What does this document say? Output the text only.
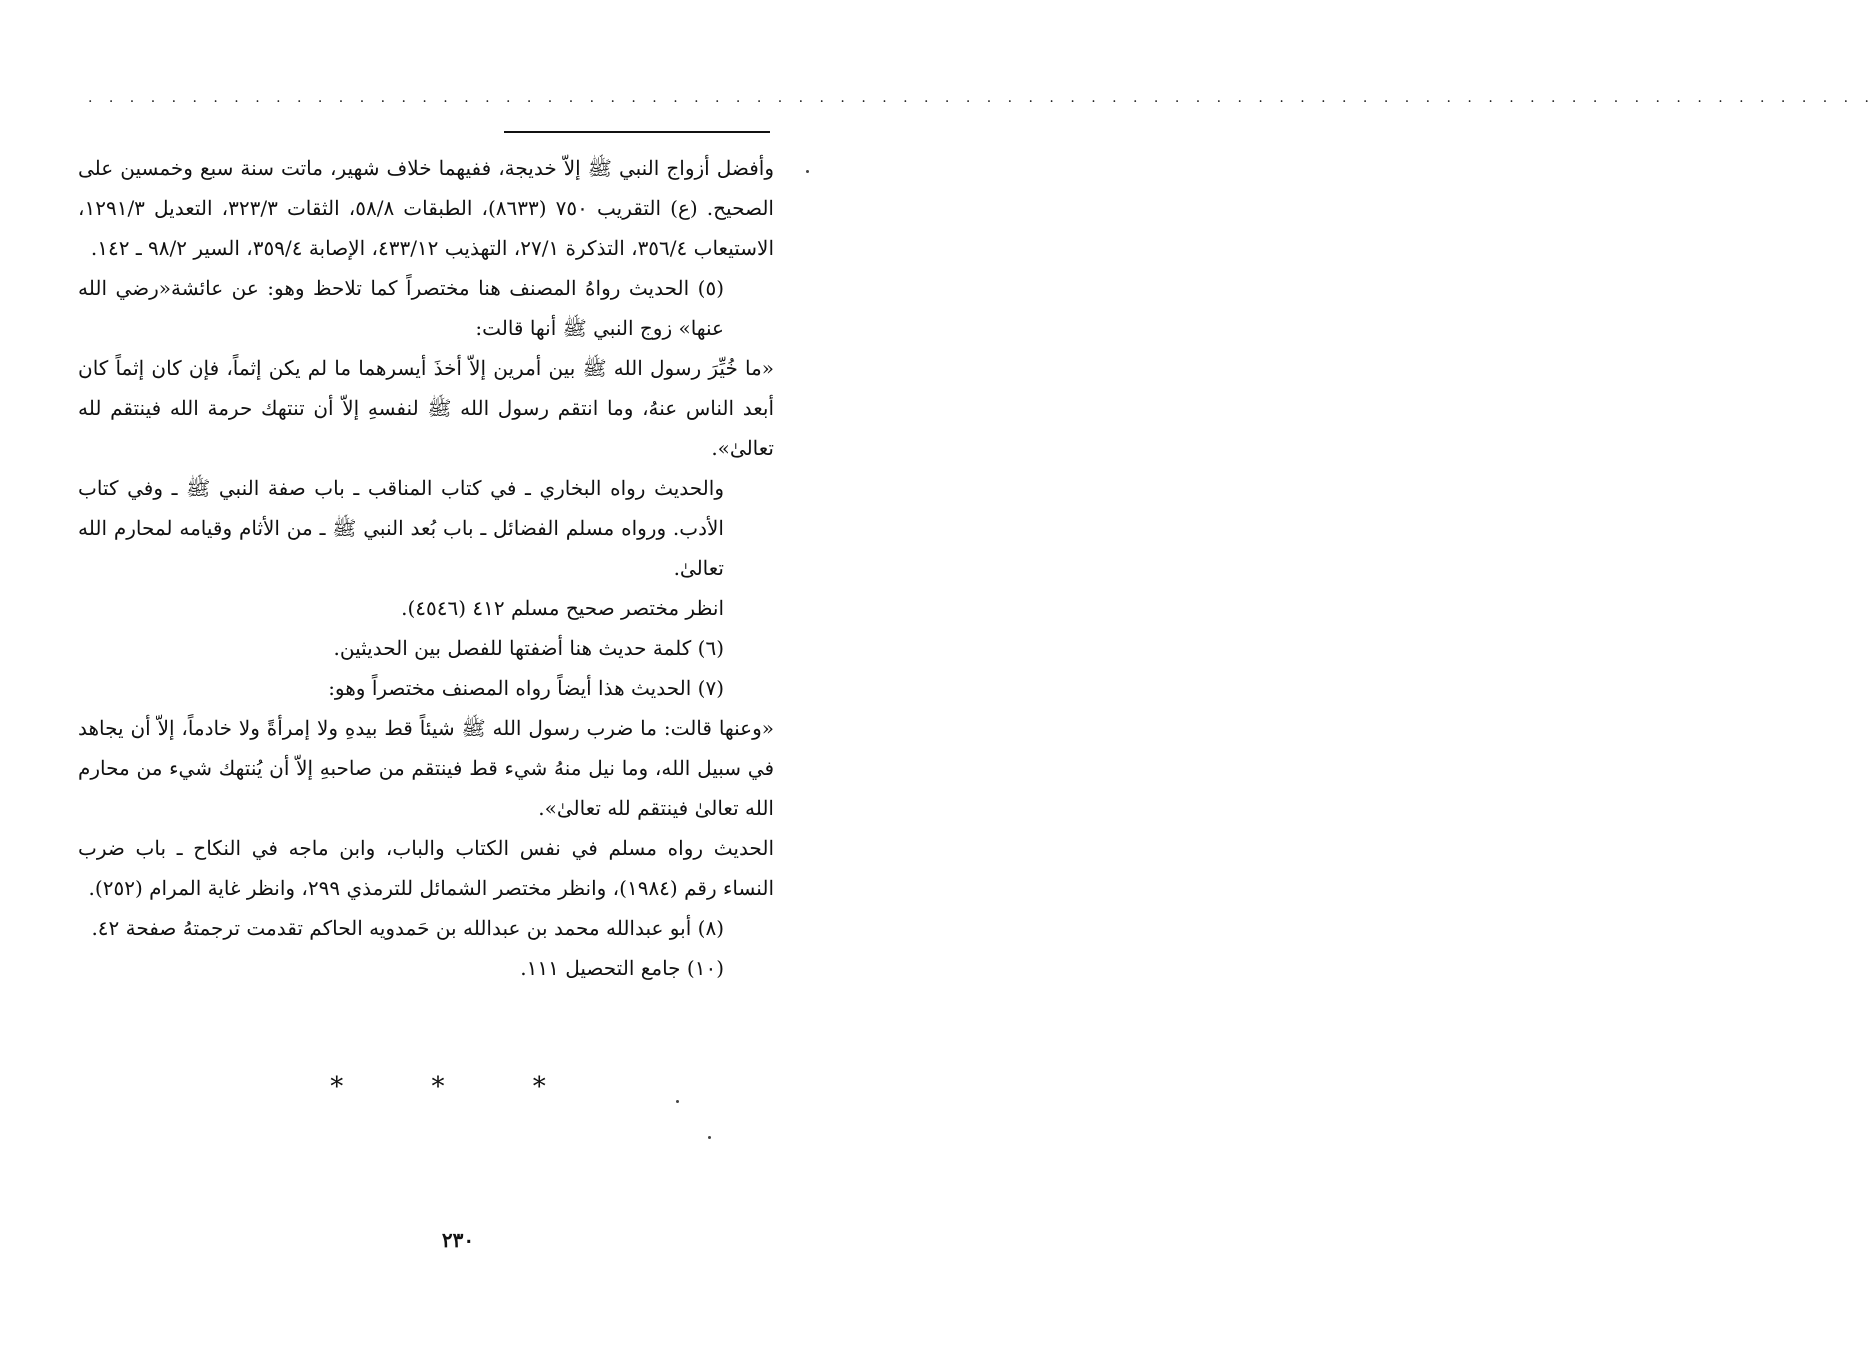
. . . . . . . . . . . . . . . . . . . . . . . . . . . . . . . . . . . . . . . . . . . . . . . . . . . . . . . . . . . . . . . . . . . . . . . . . . . . . . . . . . . . . .

وأفضل أزواج النبي ﷺ إلاّ خديجة، ففيهما خلاف شهير، ماتت سنة سبع وخمسين على الصحيح. (ع) التقريب ٧٥٠ (٨٦٣٣)، الطبقات ٥٨/٨، الثقات ٣٢٣/٣، التعديل ١٢٩١/٣، الاستيعاب ٣٥٦/٤، التذكرة ٢٧/١، التهذيب ٤٣٣/١٢، الإصابة ٣٥٩/٤، السير ٩٨/٢ ـ ١٤٢.

(٥) الحديث رواهُ المصنف هنا مختصراً كما تلاحظ وهو: عن عائشة«رضي الله عنها» زوج النبي ﷺ أنها قالت:

«ما خُيِّرَ رسول الله ﷺ بين أمرين إلاّ أخذَ أيسرهما ما لم يكن إثماً، فإن كان إثماً كان أبعد الناس عنهُ، وما انتقم رسول الله ﷺ لنفسهِ إلاّ أن تنتهك حرمة الله فينتقم لله تعالىٰ».

والحديث رواه البخاري ـ في كتاب المناقب ـ باب صفة النبي ﷺ ـ وفي كتاب الأدب. ورواه مسلم الفضائل ـ باب بُعد النبي ﷺ ـ من الأثام وقيامه لمحارم الله تعالىٰ.

انظر مختصر صحيح مسلم ٤١٢ (٤٥٤٦).

(٦) كلمة حديث هنا أضفتها للفصل بين الحديثين.

(٧) الحديث هذا أيضاً رواه المصنف مختصراً وهو:

«وعنها قالت: ما ضرب رسول الله ﷺ شيئاً قط بيدهِ ولا إمرأةً ولا خادماً، إلاّ أن يجاهد في سبيل الله، وما نيل منهُ شيء قط فينتقم من صاحبهِ إلاّ أن يُنتهك شيء من محارم الله تعالىٰ فينتقم لله تعالىٰ».

الحديث رواه مسلم في نفس الكتاب والباب، وابن ماجه في النكاح ـ باب ضرب النساء رقم (١٩٨٤)، وانظر مختصر الشمائل للترمذي ٢٩٩، وانظر غاية المرام (٢٥٢).

(٨) أبو عبدالله محمد بن عبدالله بن حَمدويه الحاكم تقدمت ترجمتهُ صفحة ٤٢.

(١٠) جامع التحصيل ١١١.

* * *
٢٣٠
